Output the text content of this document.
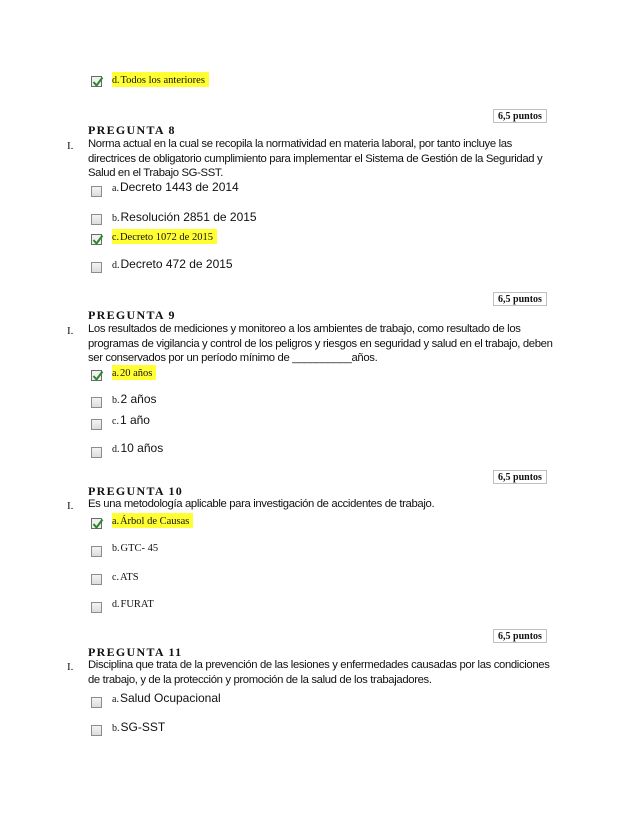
d.Todos los anteriores
6,5 puntos
PREGUNTA 8
I. Norma actual en la cual se recopila la normatividad en materia laboral, por tanto incluye las directrices de obligatorio cumplimiento para implementar el Sistema de Gestión de la Seguridad y Salud en el Trabajo SG-SST.
a.Decreto 1443 de 2014
b.Resolución 2851 de 2015
c.Decreto 1072 de 2015
d.Decreto 472 de 2015
6,5 puntos
PREGUNTA 9
I. Los resultados de mediciones y monitoreo a los ambientes de trabajo, como resultado de los programas de vigilancia y control de los peligros y riesgos en seguridad y salud en el trabajo, deben ser conservados por un período mínimo de __________años.
a.20 años
b.2 años
c.1 año
d.10 años
6,5 puntos
PREGUNTA 10
I. Es una metodología aplicable para investigación de accidentes de trabajo.
a.Árbol de Causas
b.GTC- 45
c.ATS
d.FURAT
6,5 puntos
PREGUNTA 11
I. Disciplina que trata de la prevención de las lesiones y enfermedades causadas por las condiciones de trabajo, y de la protección y promoción de la salud de los trabajadores.
a.Salud Ocupacional
b.SG-SST
